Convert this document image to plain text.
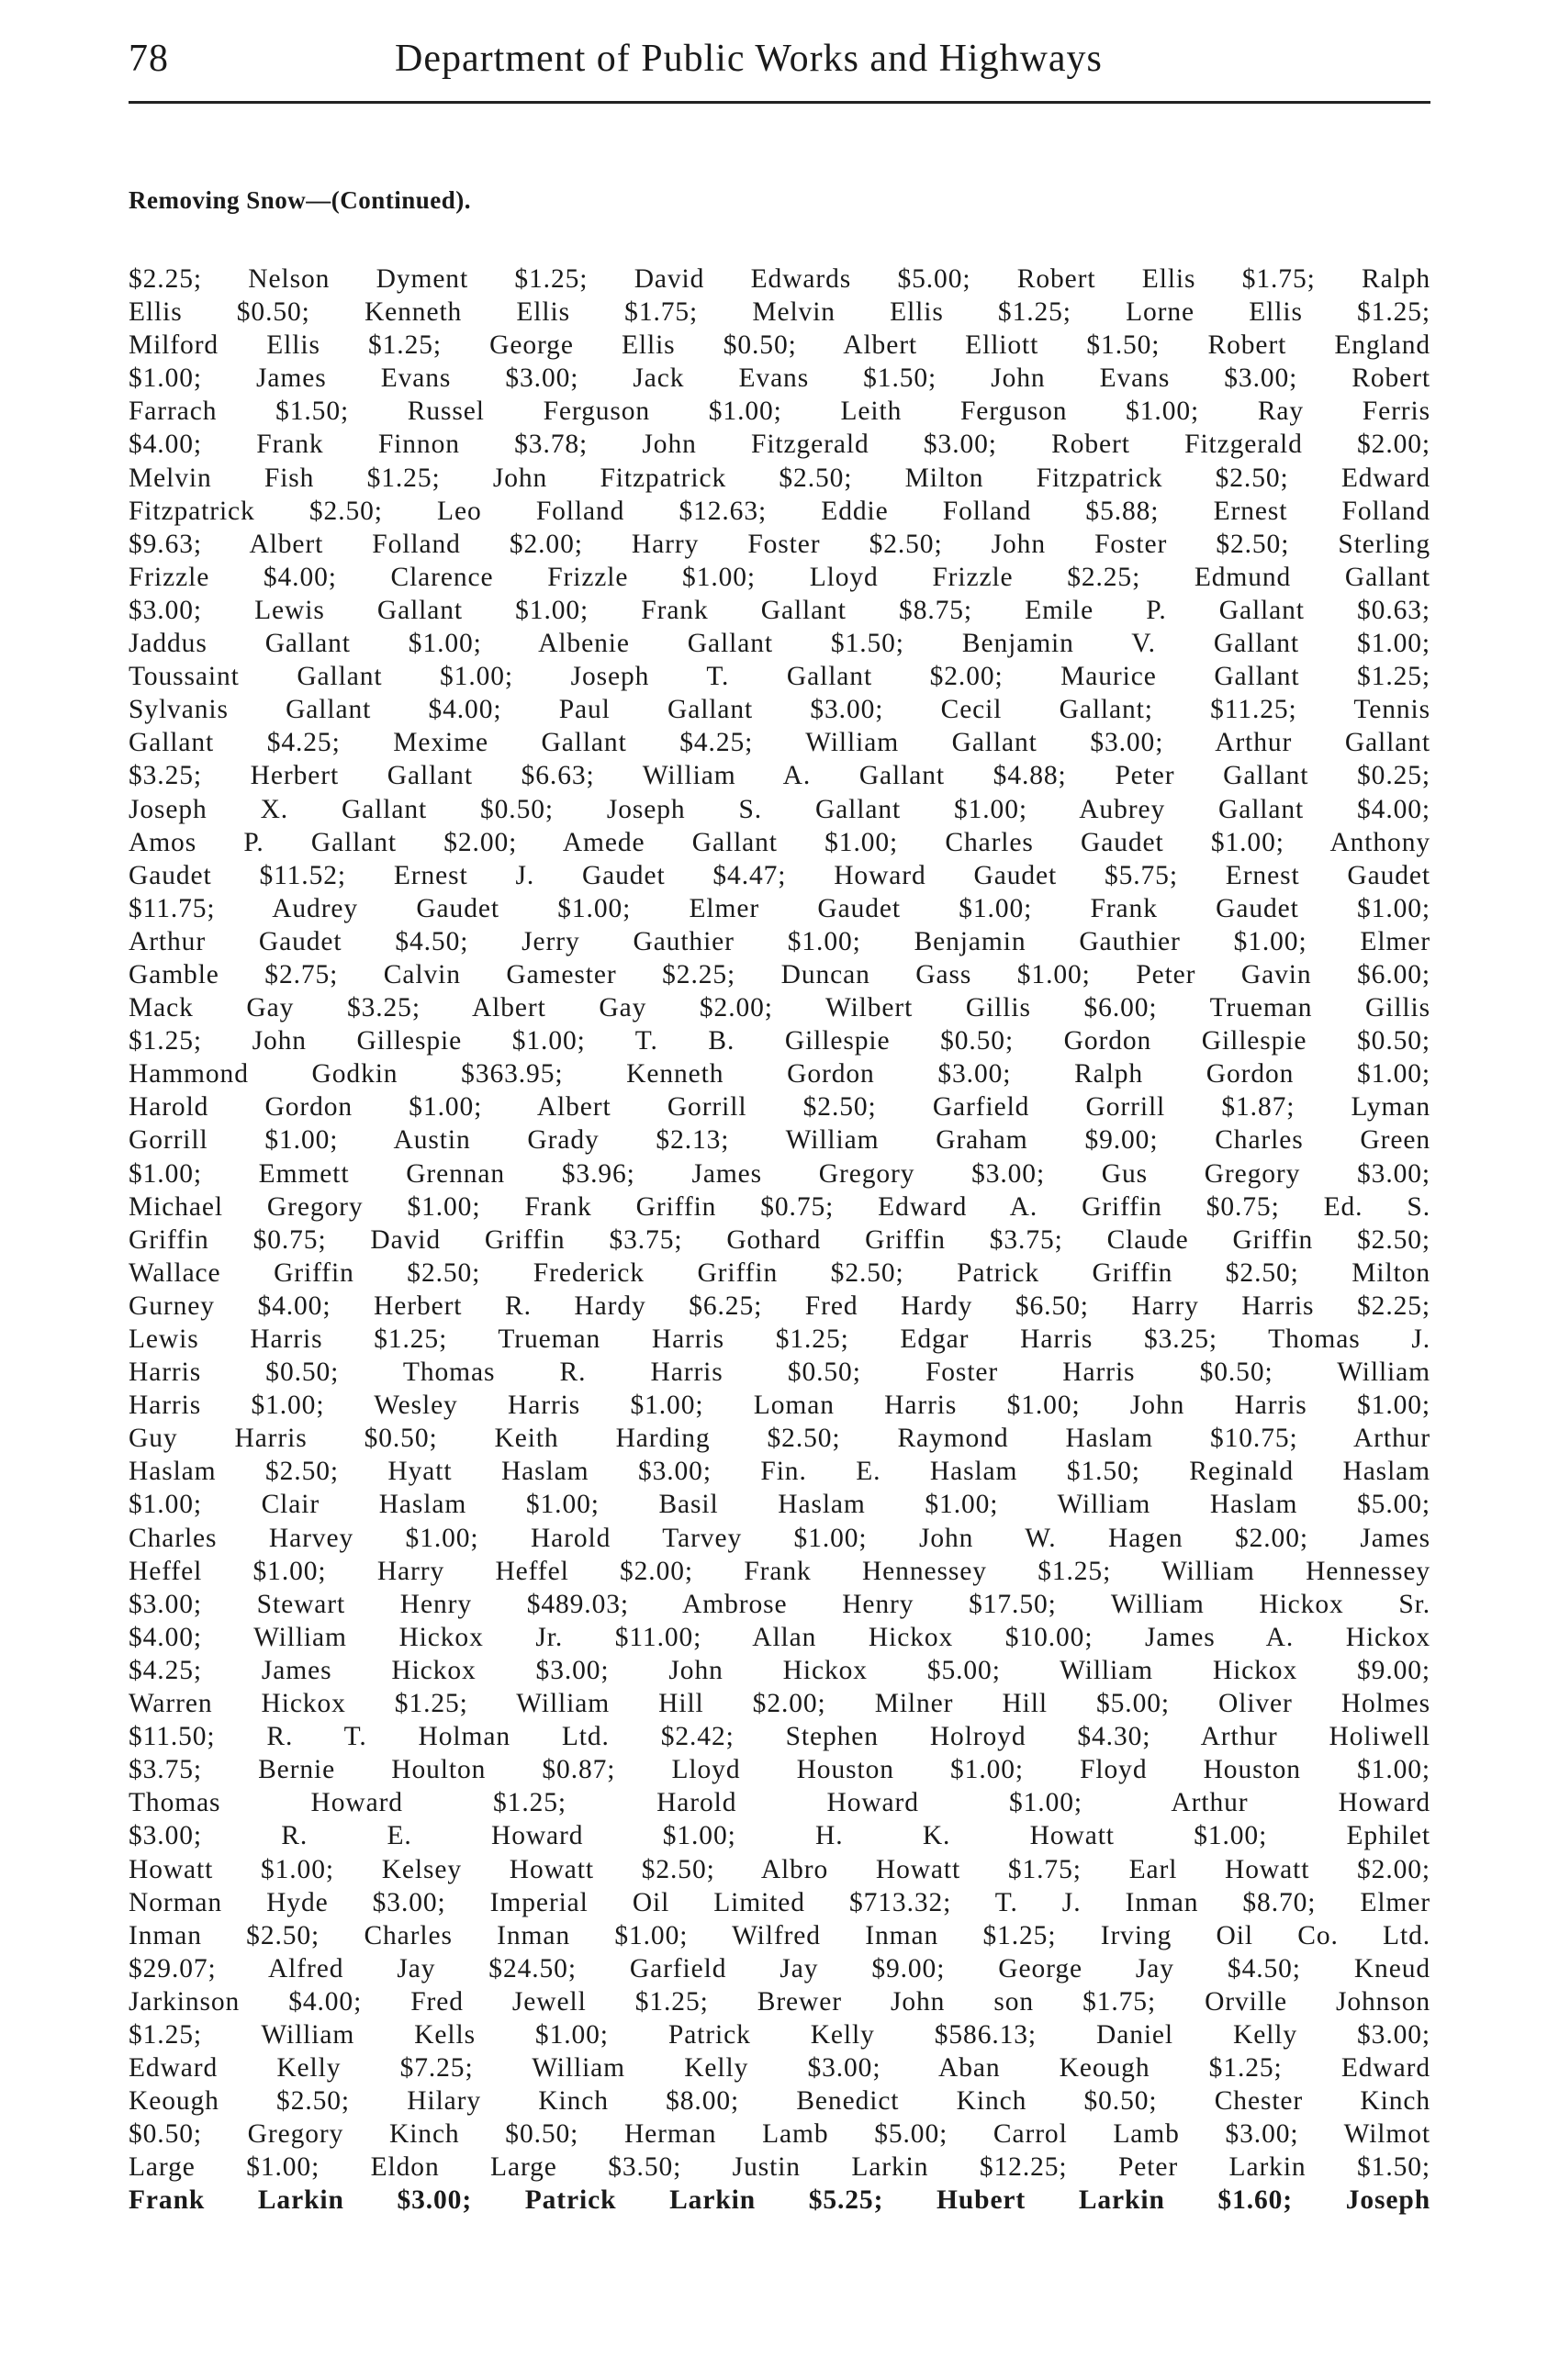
78	Department of Public Works and Highways
Removing Snow—(Continued).
$2.25; Nelson Dyment $1.25; David Edwards $5.00; Robert Ellis $1.75; Ralph
Ellis $0.50; Kenneth Ellis $1.75; Melvin Ellis $1.25; Lorne Ellis $1.25;
Milford Ellis $1.25; George Ellis $0.50; Albert Elliott $1.50; Robert England
$1.00; James Evans $3.00; Jack Evans $1.50; John Evans $3.00; Robert
Farrach $1.50; Russel Ferguson $1.00; Leith Ferguson $1.00; Ray Ferris
$4.00; Frank Finnon $3.78; John Fitzgerald $3.00; Robert Fitzgerald $2.00;
Melvin Fish $1.25; John Fitzpatrick $2.50; Milton Fitzpatrick $2.50; Edward
Fitzpatrick $2.50; Leo Folland $12.63; Eddie Folland $5.88; Ernest Folland
$9.63; Albert Folland $2.00; Harry Foster $2.50; John Foster $2.50; Sterling
Frizzle $4.00; Clarence Frizzle $1.00; Lloyd Frizzle $2.25; Edmund Gallant
$3.00; Lewis Gallant $1.00; Frank Gallant $8.75; Emile P. Gallant $0.63;
Jaddus Gallant $1.00; Albenie Gallant $1.50; Benjamin V. Gallant $1.00;
Toussaint Gallant $1.00; Joseph T. Gallant $2.00; Maurice Gallant $1.25;
Sylvanis Gallant $4.00; Paul Gallant $3.00; Cecil Gallant; $11.25; Tennis
Gallant $4.25; Mexime Gallant $4.25; William Gallant $3.00; Arthur Gallant
$3.25; Herbert Gallant $6.63; William A. Gallant $4.88; Peter Gallant $0.25;
Joseph X. Gallant $0.50; Joseph S. Gallant $1.00; Aubrey Gallant $4.00;
Amos P. Gallant $2.00; Amede Gallant $1.00; Charles Gaudet $1.00; Anthony
Gaudet $11.52; Ernest J. Gaudet $4.47; Howard Gaudet $5.75; Ernest Gaudet
$11.75; Audrey Gaudet $1.00; Elmer Gaudet $1.00; Frank Gaudet $1.00;
Arthur Gaudet $4.50; Jerry Gauthier $1.00; Benjamin Gauthier $1.00; Elmer
Gamble $2.75; Calvin Gamester $2.25; Duncan Gass $1.00; Peter Gavin $6.00;
Mack Gay $3.25; Albert Gay $2.00; Wilbert Gillis $6.00; Trueman Gillis
$1.25; John Gillespie $1.00; T. B. Gillespie $0.50; Gordon Gillespie $0.50;
Hammond Godkin $363.95; Kenneth Gordon $3.00; Ralph Gordon $1.00;
Harold Gordon $1.00; Albert Gorrill $2.50; Garfield Gorrill $1.87; Lyman
Gorrill $1.00; Austin Grady $2.13; William Graham $9.00; Charles Green
$1.00; Emmett Grennan $3.96; James Gregory $3.00; Gus Gregory $3.00;
Michael Gregory $1.00; Frank Griffin $0.75; Edward A. Griffin $0.75; Ed. S.
Griffin $0.75; David Griffin $3.75; Gothard Griffin $3.75; Claude Griffin $2.50;
Wallace Griffin $2.50; Frederick Griffin $2.50; Patrick Griffin $2.50; Milton
Gurney $4.00; Herbert R. Hardy $6.25; Fred Hardy $6.50; Harry Harris $2.25;
Lewis Harris $1.25; Trueman Harris $1.25; Edgar Harris $3.25; Thomas J.
Harris $0.50; Thomas R. Harris $0.50; Foster Harris $0.50; William
Harris $1.00; Wesley Harris $1.00; Loman Harris $1.00; John Harris $1.00;
Guy Harris $0.50; Keith Harding $2.50; Raymond Haslam $10.75; Arthur
Haslam $2.50; Hyatt Haslam $3.00; Fin. E. Haslam $1.50; Reginald Haslam
$1.00; Clair Haslam $1.00; Basil Haslam $1.00; William Haslam $5.00;
Charles Harvey $1.00; Harold Tarvey $1.00; John W. Hagen $2.00; James
Heffel $1.00; Harry Heffel $2.00; Frank Hennessey $1.25; William Hennessey
$3.00; Stewart Henry $489.03; Ambrose Henry $17.50; William Hickox Sr.
$4.00; William Hickox Jr. $11.00; Allan Hickox $10.00; James A. Hickox
$4.25; James Hickox $3.00; John Hickox $5.00; William Hickox $9.00;
Warren Hickox $1.25; William Hill $2.00; Milner Hill $5.00; Oliver Holmes
$11.50; R. T. Holman Ltd. $2.42; Stephen Holroyd $4.30; Arthur Holiwell
$3.75; Bernie Houlton $0.87; Lloyd Houston $1.00; Floyd Houston $1.00;
Thomas Howard $1.25; Harold Howard $1.00; Arthur Howard
$3.00; R. E. Howard $1.00; H. K. Howatt $1.00; Ephilet
Howatt $1.00; Kelsey Howatt $2.50; Albro Howatt $1.75; Earl Howatt $2.00;
Norman Hyde $3.00; Imperial Oil Limited $713.32; T. J. Inman $8.70; Elmer
Inman $2.50; Charles Inman $1.00; Wilfred Inman $1.25; Irving Oil Co. Ltd.
$29.07; Alfred Jay $24.50; Garfield Jay $9.00; George Jay $4.50; Kneud
Jarkinson $4.00; Fred Jewell $1.25; Brewer John son $1.75; Orville Johnson
$1.25; William Kells $1.00; Patrick Kelly $586.13; Daniel Kelly $3.00;
Edward Kelly $7.25; William Kelly $3.00; Aban Keough $1.25; Edward
Keough $2.50; Hilary Kinch $8.00; Benedict Kinch $0.50; Chester Kinch
$0.50; Gregory Kinch $0.50; Herman Lamb $5.00; Carrol Lamb $3.00; Wilmot
Large $1.00; Eldon Large $3.50; Justin Larkin $12.25; Peter Larkin $1.50;
Frank Larkin $3.00; Patrick Larkin $5.25; Hubert Larkin $1.60; Joseph
